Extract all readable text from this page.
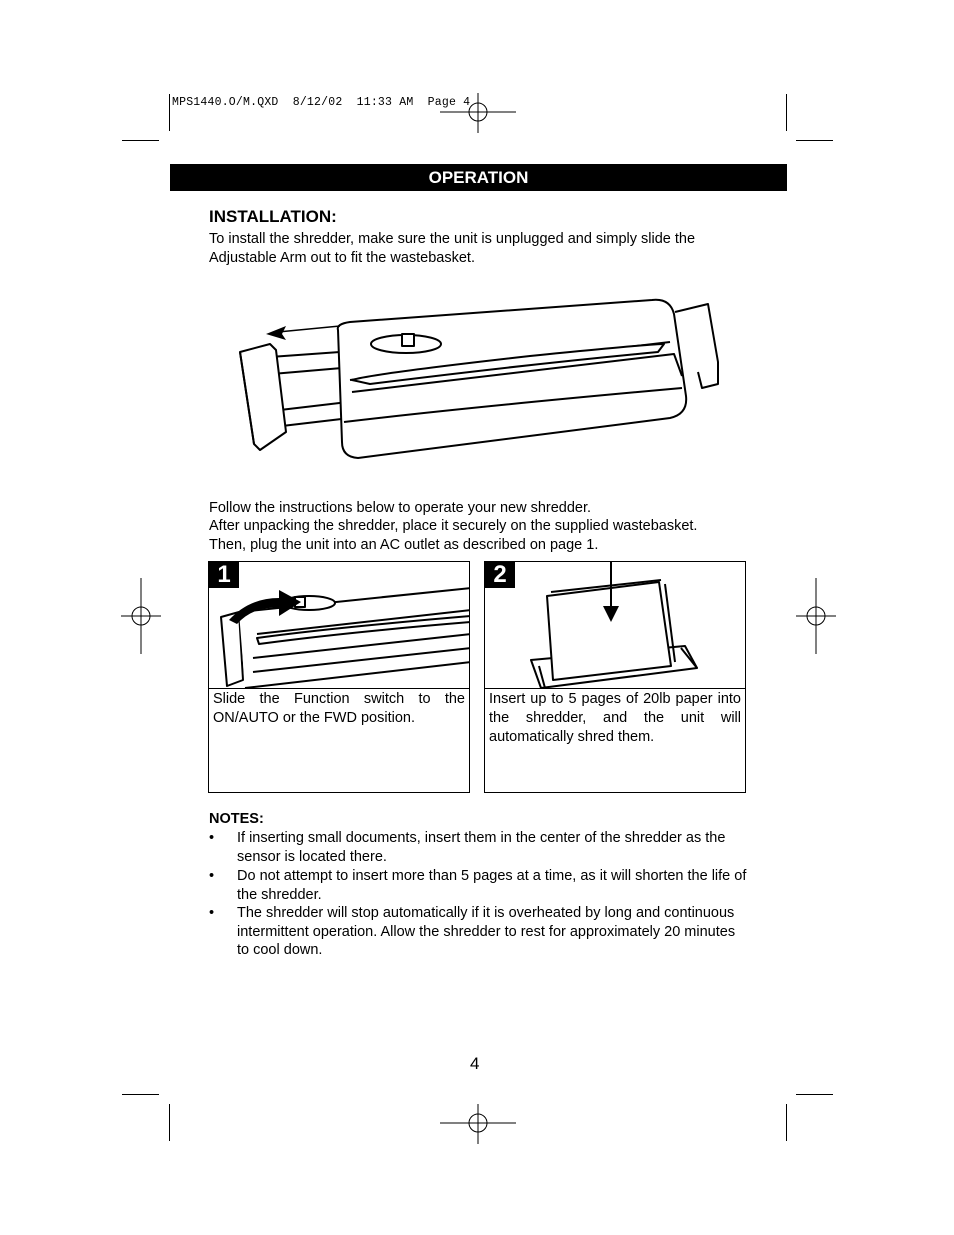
MPS1440.O/M.QXD  8/12/02  11:33 AM  Page 4
OPERATION
INSTALLATION:
To install the shredder, make sure the unit is unplugged and simply slide the Adjustable Arm out to fit the wastebasket.
Follow the instructions below to operate your new shredder.
After unpacking the shredder, place it securely on the supplied wastebasket.
Then, plug the unit into an AC outlet as described on page 1.
1
Slide the Function switch to the ON/AUTO or the FWD position.
2
Insert up to 5 pages of 20lb paper into the shredder, and the unit will automatically shred them.
NOTES:
• If inserting small documents, insert them in the center of the shredder as the sensor is located there.
• Do not attempt to insert more than 5 pages at a time, as it will shorten the life of the shredder.
• The shredder will stop automatically if it is overheated by long and continuous intermittent operation. Allow the shredder to rest for approximately 20 minutes to cool down.
4
